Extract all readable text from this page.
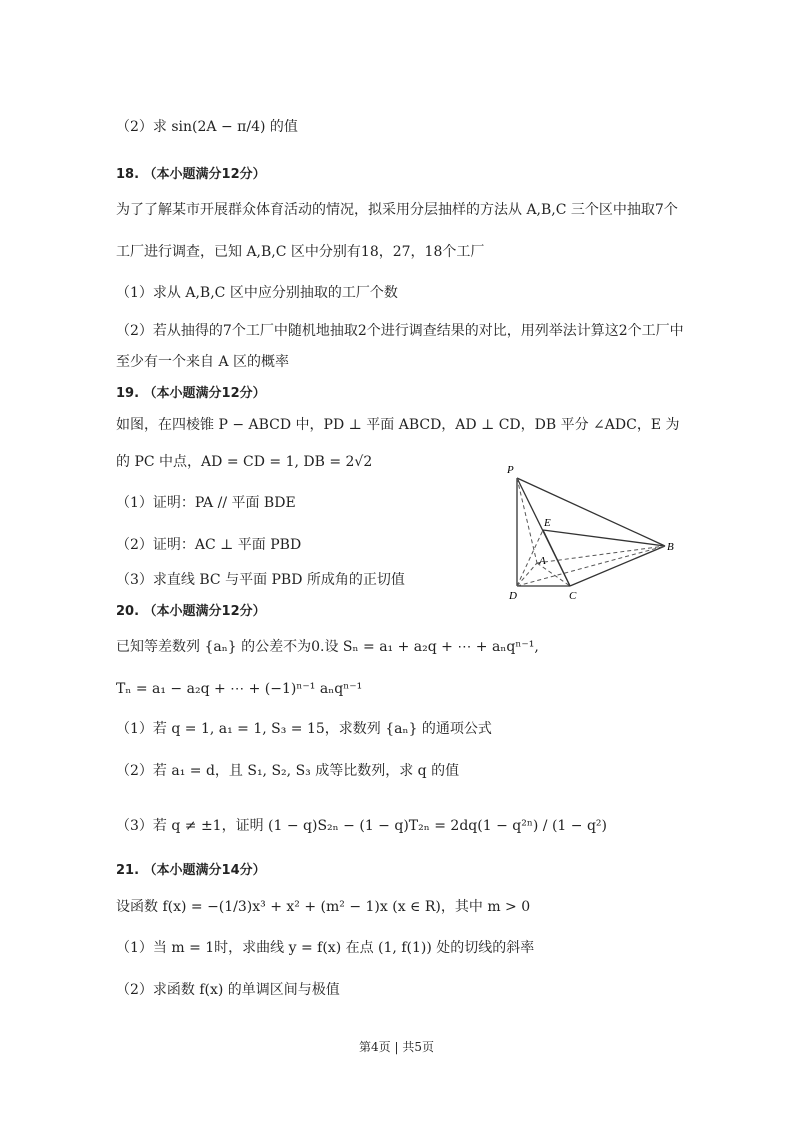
（2）求 sin(2A − π/4) 的值
18. （本小题满分12分）
为了了解某市开展群众体育活动的情况，拟采用分层抽样的方法从 A,B,C 三个区中抽取7个
工厂进行调查，已知 A,B,C 区中分别有18，27，18个工厂
（1）求从 A,B,C 区中应分别抽取的工厂个数
（2）若从抽得的7个工厂中随机地抽取2个进行调查结果的对比，用列举法计算这2个工厂中
至少有一个来自 A 区的概率
19. （本小题满分12分）
如图，在四棱锥 P − ABCD 中，PD ⊥ 平面 ABCD，AD ⊥ CD，DB 平分 ∠ADC，E 为
的 PC 中点，AD = CD = 1, DB = 2√2
（1）证明：PA // 平面 BDE
（2）证明：AC ⊥ 平面 PBD
（3）求直线 BC 与平面 PBD 所成角的正切值
P
E
A
B
D	C
20. （本小题满分12分）
已知等差数列 {aₙ} 的公差不为0.设 Sₙ = a₁ + a₂q + ⋯ + aₙqⁿ⁻¹,
Tₙ = a₁ − a₂q + ⋯ + (−1)ⁿ⁻¹ aₙqⁿ⁻¹
（1）若 q = 1, a₁ = 1, S₃ = 15，求数列 {aₙ} 的通项公式
（2）若 a₁ = d，且 S₁, S₂, S₃ 成等比数列，求 q 的值
（3）若 q ≠ ±1，证明 (1 − q)S₂ₙ − (1 − q)T₂ₙ = 2dq(1 − q²ⁿ) / (1 − q²)
21. （本小题满分14分）
设函数 f(x) = −(1/3)x³ + x² + (m² − 1)x (x ∈ R)，其中 m > 0
（1）当 m = 1时，求曲线 y = f(x) 在点 (1, f(1)) 处的切线的斜率
（2）求函数 f(x) 的单调区间与极值
第4页 | 共5页
